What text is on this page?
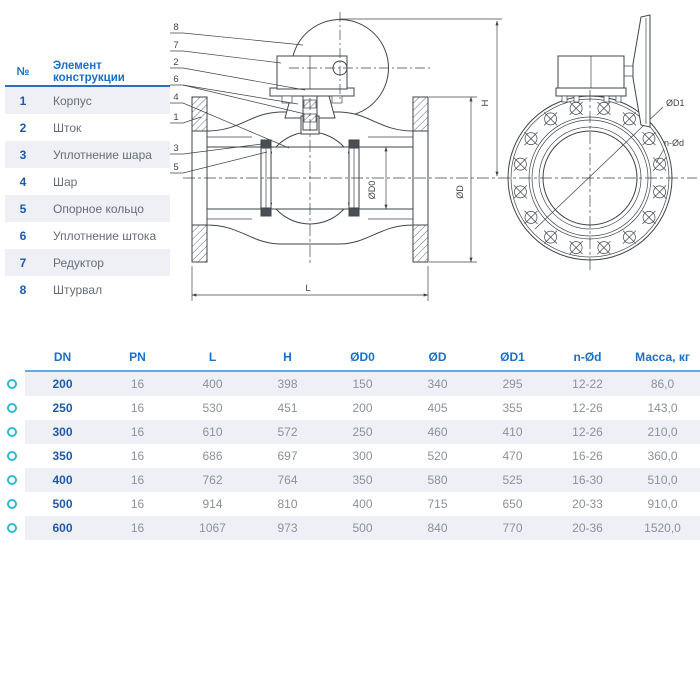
ØD0
L
ØD
H	ØD1
n-Ød
8
7
2
6
4
1
3
5
№	Элемент конструкции
1	Корпус
2	Шток
3	Уплотнение шара
4	Шар
5	Опорное кольцо
6	Уплотнение штока
7	Редуктор
8	Штурвал
DN	PN	L	H	ØD0	ØD	ØD1	n-Ød	Масса, кг
200	16	400	398	150	340	295	12-22	86,0
250	16	530	451	200	405	355	12-26	143,0
300	16	610	572	250	460	410	12-26	210,0
350	16	686	697	300	520	470	16-26	360,0
400	16	762	764	350	580	525	16-30	510,0
500	16	914	810	400	715	650	20-33	910,0
600	16	1067	973	500	840	770	20-36	1520,0
